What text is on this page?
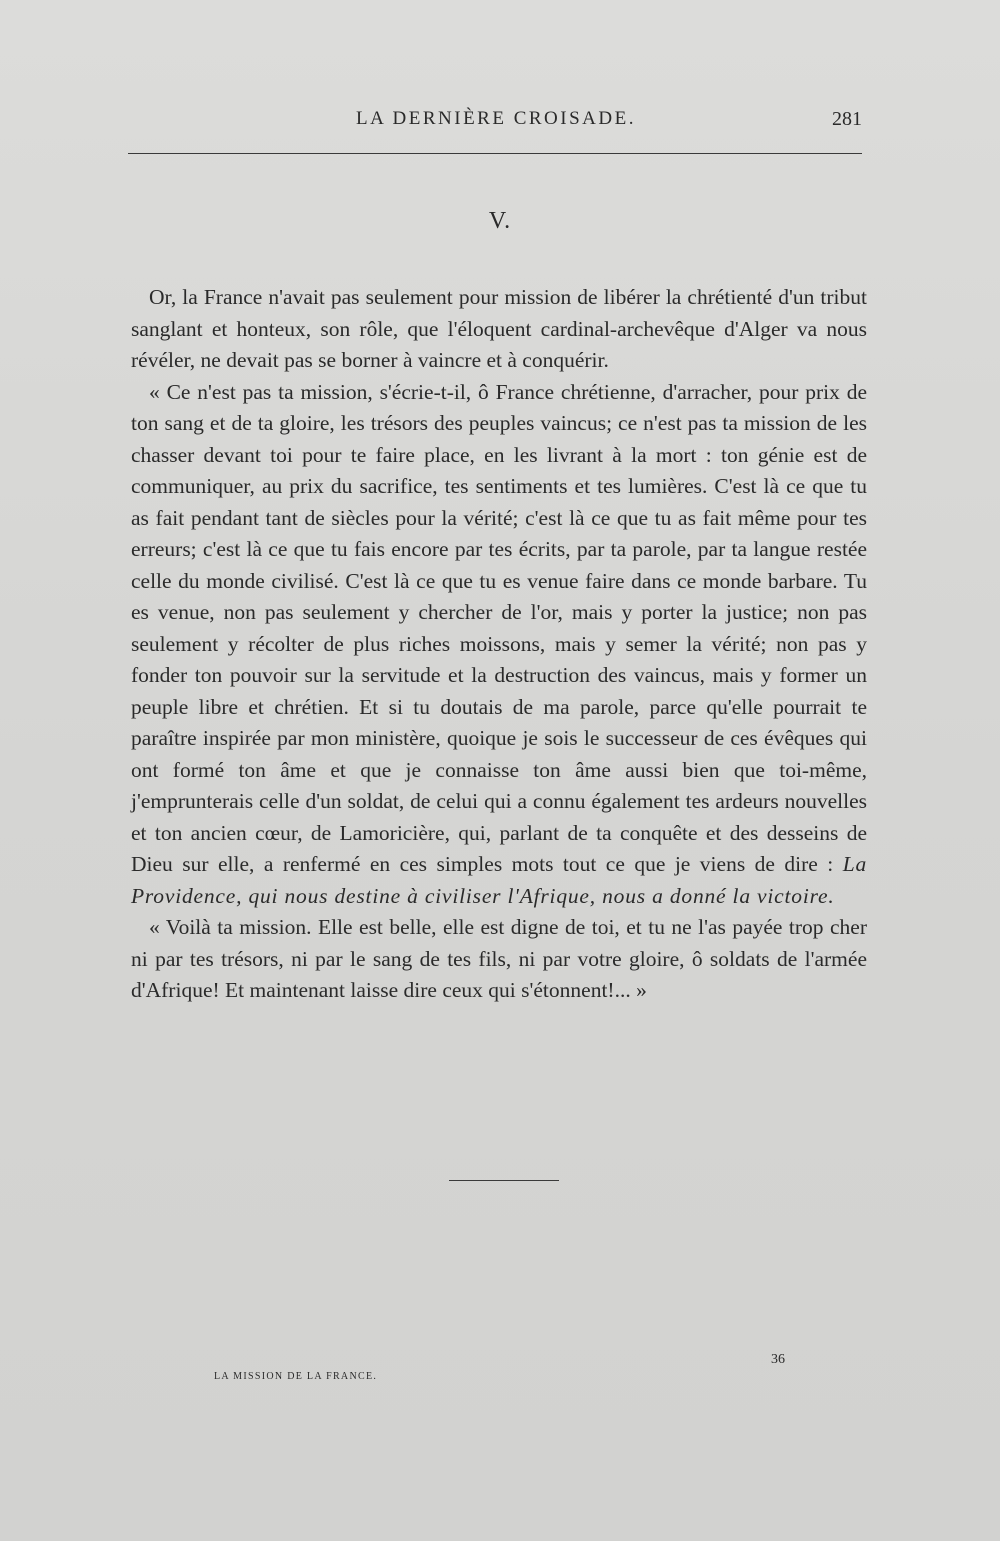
LA DERNIÈRE CROISADE.	281
V.

Or, la France n'avait pas seulement pour mission de libérer la chrétienté d'un tribut sanglant et honteux, son rôle, que l'éloquent cardinal-archevêque d'Alger va nous révéler, ne devait pas se borner à vaincre et à conquérir.

« Ce n'est pas ta mission, s'écrie-t-il, ô France chrétienne, d'arracher, pour prix de ton sang et de ta gloire, les trésors des peuples vaincus; ce n'est pas ta mission de les chasser devant toi pour te faire place, en les livrant à la mort : ton génie est de communiquer, au prix du sacrifice, tes sentiments et tes lumières. C'est là ce que tu as fait pendant tant de siècles pour la vérité; c'est là ce que tu as fait même pour tes erreurs; c'est là ce que tu fais encore par tes écrits, par ta parole, par ta langue restée celle du monde civilisé. C'est là ce que tu es venue faire dans ce monde barbare. Tu es venue, non pas seulement y chercher de l'or, mais y porter la justice; non pas seulement y récolter de plus riches moissons, mais y semer la vérité; non pas y fonder ton pouvoir sur la servitude et la destruction des vaincus, mais y former un peuple libre et chrétien. Et si tu doutais de ma parole, parce qu'elle pourrait te paraître inspirée par mon ministère, quoique je sois le successeur de ces évêques qui ont formé ton âme et que je connaisse ton âme aussi bien que toi-même, j'emprunterais celle d'un soldat, de celui qui a connu également tes ardeurs nouvelles et ton ancien cœur, de Lamoricière, qui, parlant de ta conquête et des desseins de Dieu sur elle, a renfermé en ces simples mots tout ce que je viens de dire : La Providence, qui nous destine à civiliser l'Afrique, nous a donné la victoire.

« Voilà ta mission. Elle est belle, elle est digne de toi, et tu ne l'as payée trop cher ni par tes trésors, ni par le sang de tes fils, ni par votre gloire, ô soldats de l'armée d'Afrique! Et maintenant laisse dire ceux qui s'étonnent!... »

36
LA MISSION DE LA FRANCE.
